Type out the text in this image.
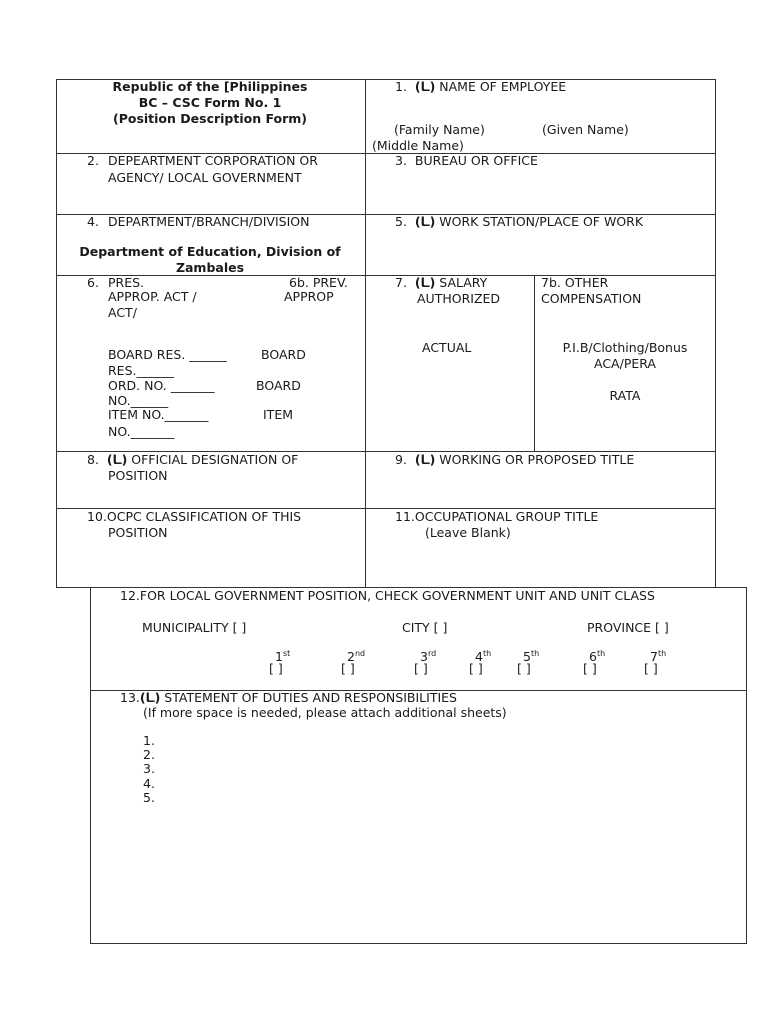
Republic of the [Philippines
BC – CSC Form No. 1
(Position Description Form)
1. (ـا) NAME OF EMPLOYEE
(Family Name)	(Given Name)
(Middle Name)
2. DEPEARTMENT CORPORATION OR
AGENCY/ LOCAL GOVERNMENT
3. BUREAU OR OFFICE
4. DEPARTMENT/BRANCH/DIVISION
Department of Education, Division of
Zambales
5. (ـا) WORK STATION/PLACE OF WORK
6. PRES.
APPROP. ACT /
ACT/
6b. PREV.
APPROP
BOARD RES. ______	BOARD
RES.______
ORD. NO. _______	BOARD
NO.______
ITEM NO._______	ITEM
NO._______
7. (ـا) SALARY
AUTHORIZED
ACTUAL
7b. OTHER
COMPENSATION
P.I.B/Clothing/Bonus
ACA/PERA
RATA
8. (ـا) OFFICIAL DESIGNATION OF
POSITION
9. (ـا) WORKING OR PROPOSED TITLE
10.OCPC CLASSIFICATION OF THIS
POSITION
11.OCCUPATIONAL GROUP TITLE
(Leave Blank)
12.FOR LOCAL GOVERNMENT POSITION, CHECK GOVERNMENT UNIT AND UNIT CLASS
MUNICIPALITY [ ]	CITY [ ]	PROVINCE [ ]
1st
[ ]
2nd
[ ]
3rd
[ ]
4th
[ ]
5th
[ ]
6th
[ ]
7th
[ ]
13.(ـا) STATEMENT OF DUTIES AND RESPONSIBILITIES
(If more space is needed, please attach additional sheets)
1.
2.
3.
4.
5.
